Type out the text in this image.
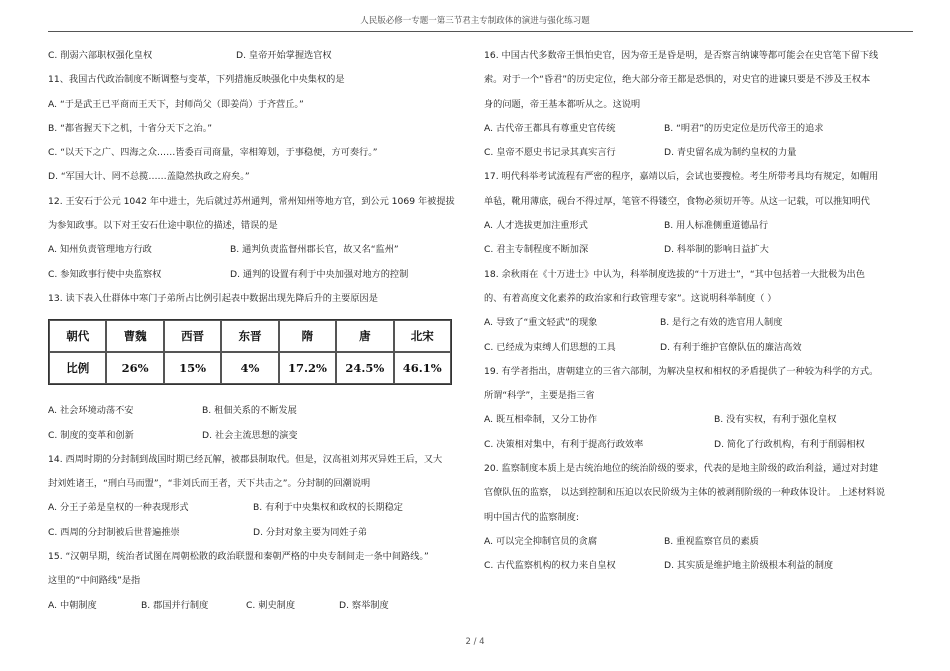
人民版必修一专题一第三节君主专制政体的演进与强化练习题
C. 削弱六部职权强化皇权	D. 皇帝开始掌握选官权
11、我国古代政治制度不断调整与变革，下列措施反映强化中央集权的是
A. “于是武王已平商而王天下，封师尚父（即姜尚）于齐营丘。”
B. “都省握天下之机，十省分天下之治。”
C. “以天下之广、四海之众……皆委百司商量，宰相筹划，于事稳便，方可奏行。”
D. “军国大计、罔不总揽……盖隐然执政之府矣。”
12. 王安石于公元 1042 年中进士，先后就过苏州通判，常州知州等地方官，到公元 1069 年被提拔
为参知政事。以下对王安石仕途中职位的描述，错误的是
A. 知州负责管理地方行政	B. 通判负责监督州郡长官，故又名“监州”
C. 参知政事行使中央监察权	D. 通判的设置有利于中央加强对地方的控制
13. 读下表入仕群体中寒门子弟所占比例引起表中数据出现先降后升的主要原因是
朝代	曹魏	西晋	东晋	隋	唐	北宋
比例	26%	15%	4%	17.2%	24.5%	46.1%
A. 社会环境动荡不安	B. 租佃关系的不断发展
C. 制度的变革和创新	D. 社会主流思想的演变
14. 西周时期的分封制到战国时期已经瓦解，被郡县制取代。但是，汉高祖刘邦灭异姓王后，又大
封刘姓诸王，“刑白马而盟”，“非刘氏而王者，天下共击之”。分封制的回潮说明
A. 分王子弟是皇权的一种表现形式	B. 有利于中央集权和政权的长期稳定
C. 西周的分封制被后世普遍推崇	D. 分封对象主要为同姓子弟
15. “汉朝早期，统治者试图在周朝松散的政治联盟和秦朝严格的中央专制间走一条中间路线。”
这里的“中间路线”是指
A. 中朝制度	B. 郡国并行制度	C. 刺史制度	D. 察举制度
16. 中国古代多数帝王惧怕史官，因为帝王是昏是明，是否察言纳谏等都可能会在史官笔下留下线
索。对于一个“昏君”的历史定位，绝大部分帝王都是恐惧的，对史官的进谏只要是不涉及王权本
身的问题，帝王基本都听从之。这说明
A. 古代帝王都具有尊重史官传统	B. “明君”的历史定位是历代帝王的追求
C. 皇帝不愿史书记录其真实言行	D. 青史留名成为制约皇权的力量
17. 明代科举考试流程有严密的程序，嘉靖以后，会试也要搜检。考生所带考具均有规定，如帽用
单毡，靴用薄底，砚台不得过厚，笔管不得镂空，食物必须切开等。从这一记载，可以推知明代
A. 人才选拔更加注重形式	B. 用人标准侧重道德品行
C. 君主专制程度不断加深	D. 科举制的影响日益扩大
18. 余秋雨在《十万进士》中认为，科举制度选拔的“十万进士”，“其中包括着一大批极为出色
的、有着高度文化素养的政治家和行政管理专家”。这说明科举制度（ ）
A. 导致了“重文轻武”的现象	B. 是行之有效的选官用人制度
C. 已经成为束缚人们思想的工具	D. 有利于维护官僚队伍的廉洁高效
19. 有学者指出，唐朝建立的三省六部制，为解决皇权和相权的矛盾提供了一种较为科学的方式。
所谓“科学”，主要是指三省
A. 既互相牵制，又分工协作	B. 没有实权，有利于强化皇权
C. 决策相对集中，有利于提高行政效率	D. 简化了行政机构，有利于削弱相权
20. 监察制度本质上是古统治地位的统治阶级的要求，代表的是地主阶级的政治利益，通过对封建
官僚队伍的监察， 以达到控制和压迫以农民阶级为主体的被剥削阶级的一种政体设计。 上述材料说
明中国古代的监察制度:
A. 可以完全抑制官员的贪腐	B. 重视监察官员的素质
C. 古代监察机构的权力来自皇权	D. 其实质是维护地主阶级根本利益的制度
2 / 4
